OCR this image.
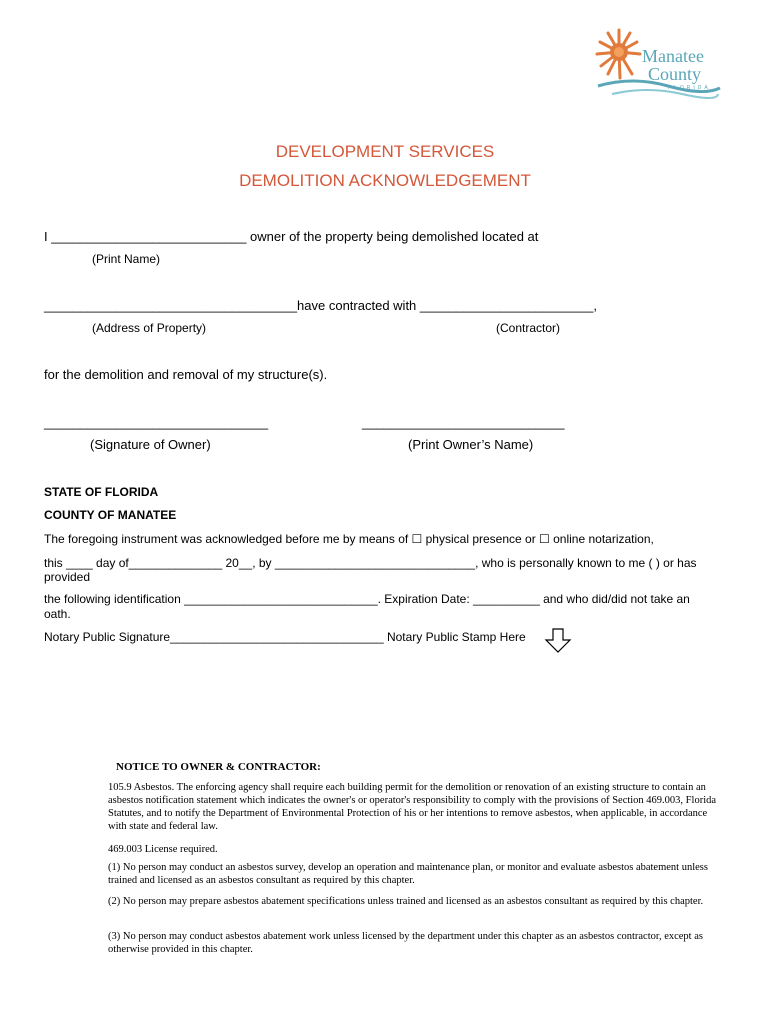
Manatee
County
FLORIDA
DEVELOPMENT SERVICES
DEMOLITION ACKNOWLEDGEMENT
I ___________________________ owner of the property being demolished located at
(Print Name)
___________________________________have contracted with ________________________,
(Address of Property)	(Contractor)
for the demolition and removal of my structure(s).
_______________________________	____________________________
(Signature of Owner)	(Print Owner’s Name)
STATE OF FLORIDA
COUNTY OF MANATEE
The foregoing instrument was acknowledged before me by means of ☐ physical presence or ☐ online notarization,
this ____ day of______________ 20__, by ______________________________, who is personally known to me ( ) or has
provided
the following identification _____________________________. Expiration Date: __________ and who did/did not take an
oath.
Notary Public Signature________________________________ Notary Public Stamp Here
NOTICE TO OWNER & CONTRACTOR:
105.9 Asbestos. The enforcing agency shall require each building permit for the demolition or renovation of an existing structure to contain an asbestos notification statement which indicates the owner's or operator's responsibility to comply with the provisions of Section 469.003, Florida Statutes, and to notify the Department of Environmental Protection of his or her intentions to remove asbestos, when applicable, in accordance with state and federal law.
469.003 License required.
(1) No person may conduct an asbestos survey, develop an operation and maintenance plan, or monitor and evaluate asbestos abatement unless trained and licensed as an asbestos consultant as required by this chapter.
(2) No person may prepare asbestos abatement specifications unless trained and licensed as an asbestos consultant as required by this chapter.
(3) No person may conduct asbestos abatement work unless licensed by the department under this chapter as an asbestos contractor, except as otherwise provided in this chapter.
